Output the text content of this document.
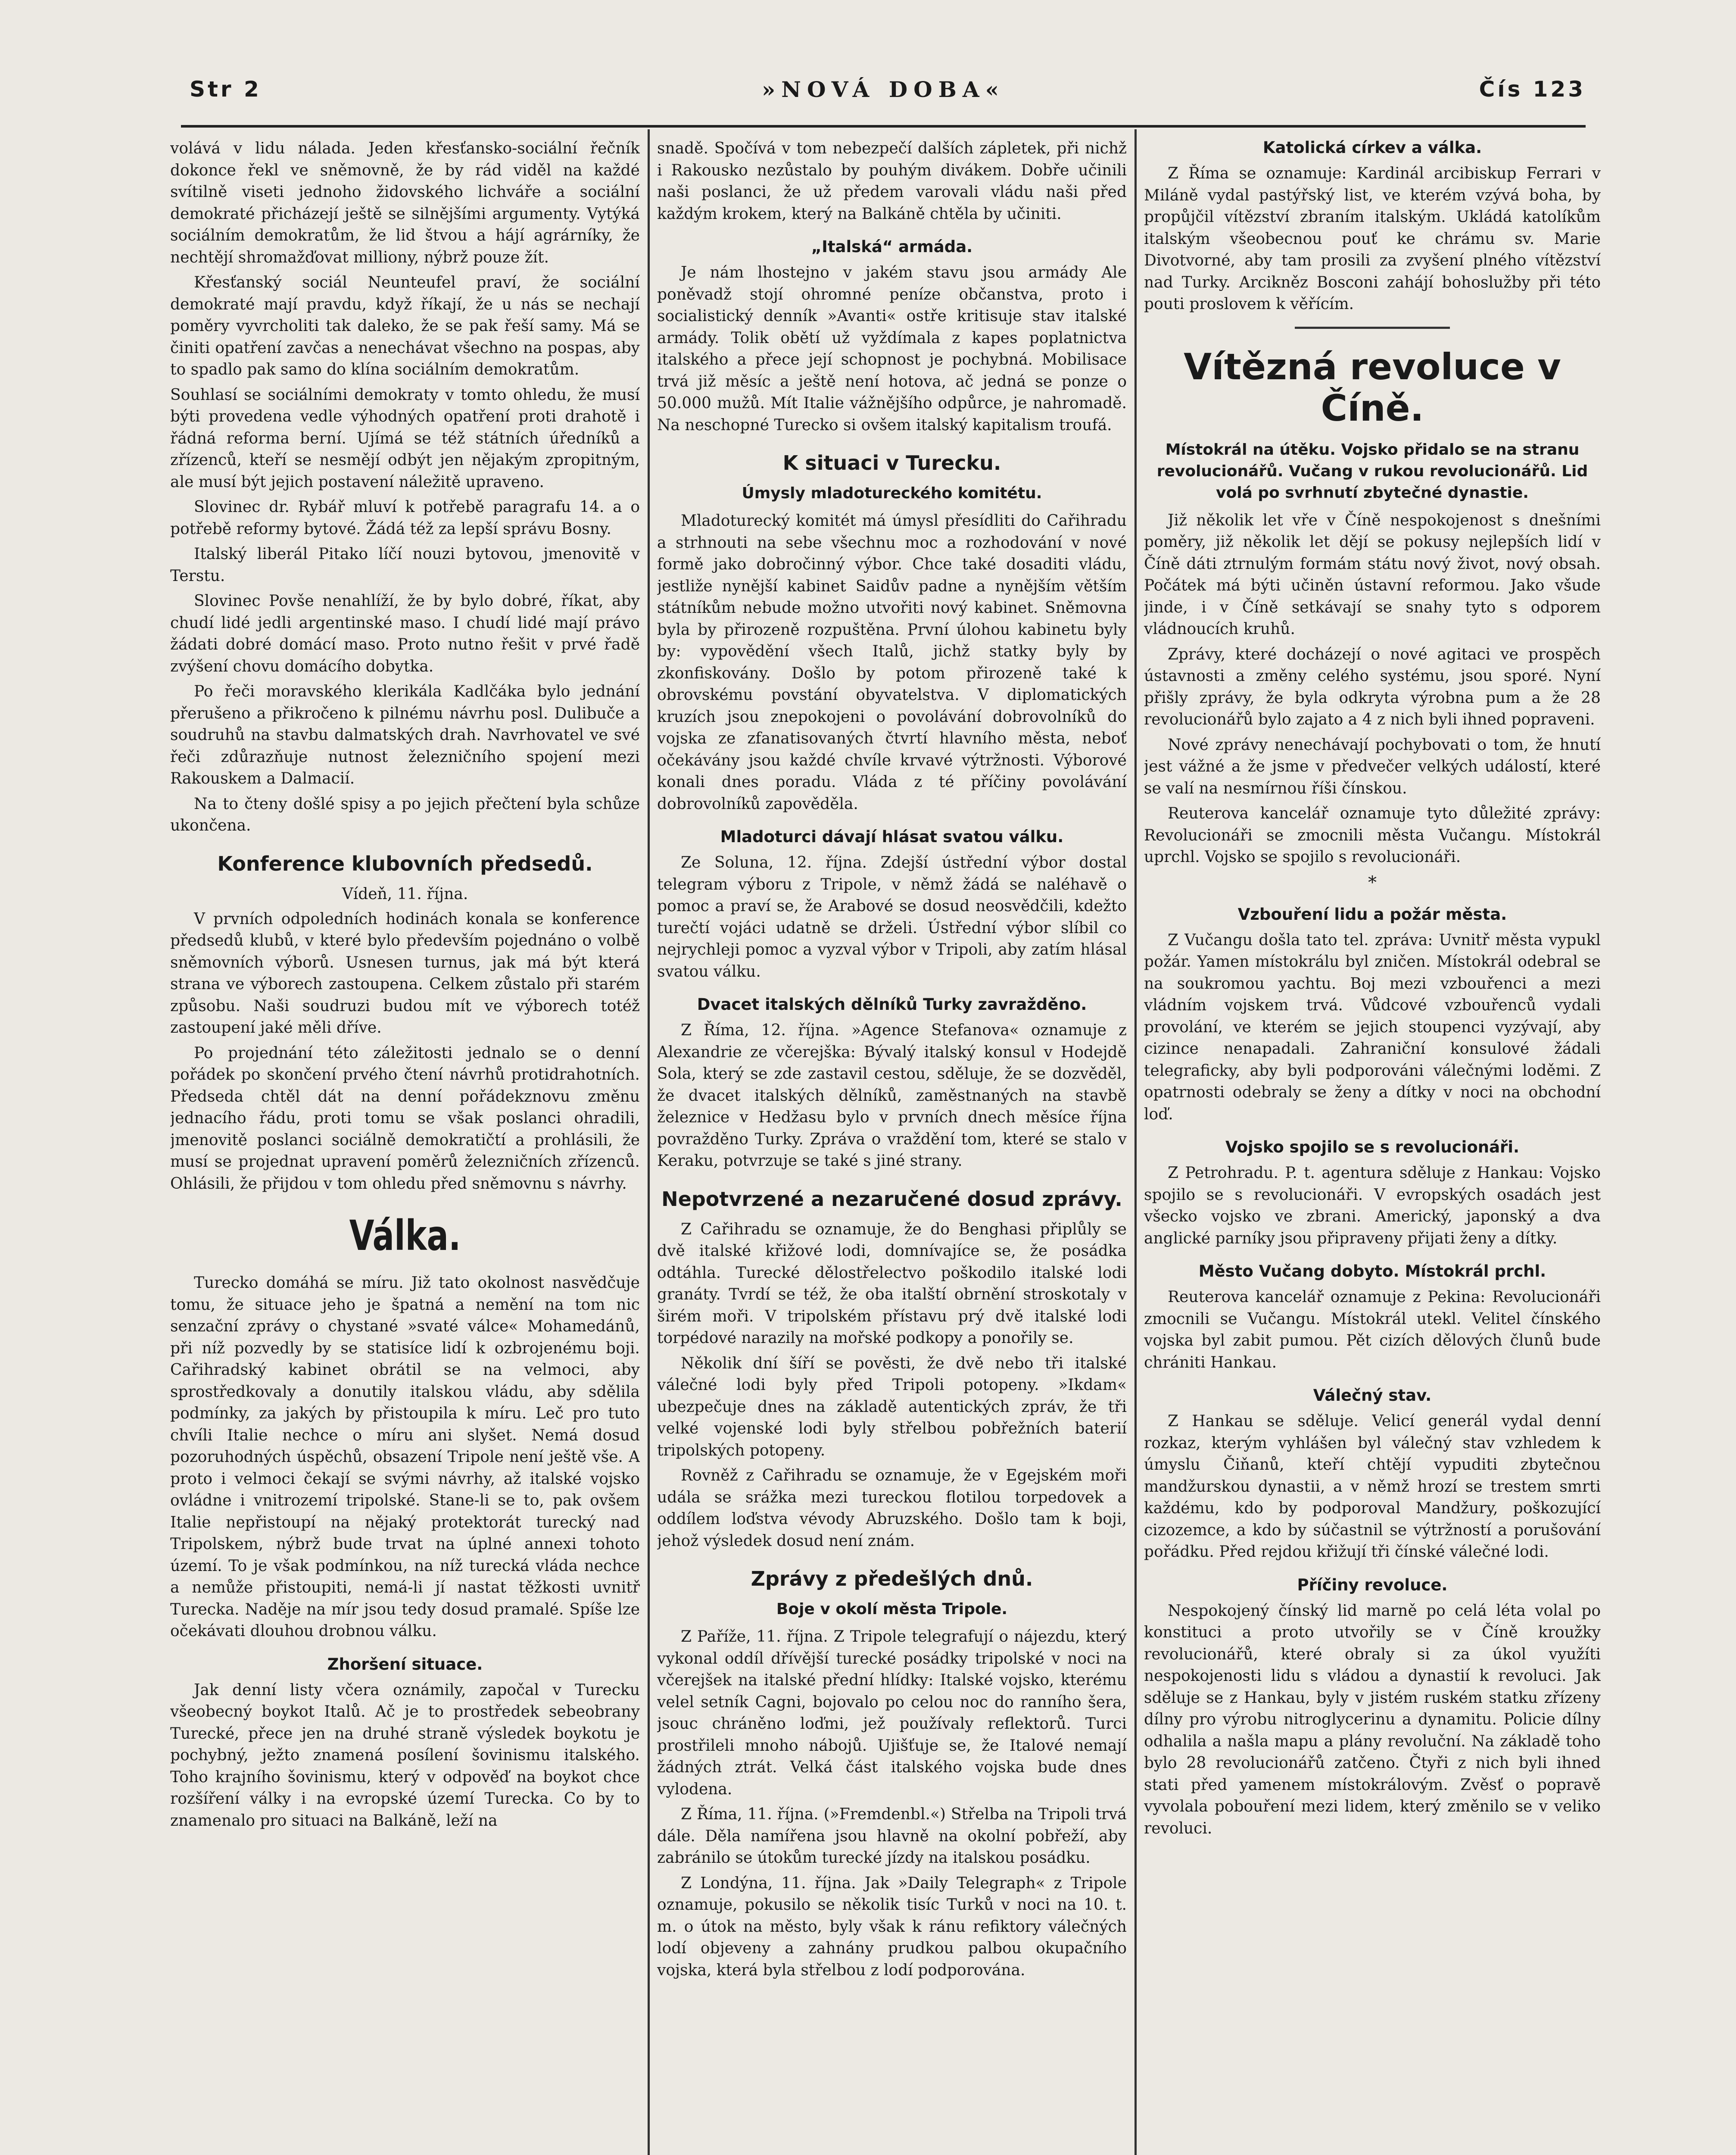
Str 2	»NOVÁ DOBA«	Čís 123

volává v lidu nálada. Jeden křesťansko-sociální řečník dokonce řekl ve sněmovně, že by rád viděl na každé svítilně viseti jednoho židovského lichváře a sociální demokraté přicházejí ještě se silnějšími argumenty. Vytýká sociálním demokratům, že lid štvou a hájí agrárníky, že nechtějí shromažďovat milliony, nýbrž pouze žít.

Křesťanský sociál Neunteufel praví, že sociální demokraté mají pravdu, když říkají, že u nás se nechají poměry vyvrcholiti tak daleko, že se pak řeší samy. Má se činiti opatření zavčas a nenechávat všechno na pospas, aby to spadlo pak samo do klína sociálním demokratům.

Souhlasí se sociálními demokraty v tomto ohledu, že musí býti provedena vedle výhodných opatření proti drahotě i řádná reforma berní. Ujímá se též státních úředníků a zřízenců, kteří se nesmějí odbýt jen nějakým zpropitným, ale musí být jejich postavení náležitě upraveno.

Slovinec dr. Rybář mluví k potřebě paragrafu 14. a o potřebě reformy bytové. Žádá též za lepší správu Bosny.

Italský liberál Pitako líčí nouzi bytovou, jmenovitě v Terstu.

Slovinec Povše nenahlíží, že by bylo dobré, říkat, aby chudí lidé jedli argentinské maso. I chudí lidé mají právo žádati dobré domácí maso. Proto nutno řešit v prvé řadě zvýšení chovu domácího dobytka.

Po řeči moravského klerikála Kadlčáka bylo jednání přerušeno a přikročeno k pilnému návrhu posl. Dulibuče a soudruhů na stavbu dalmatských drah. Navrhovatel ve své řeči zdůrazňuje nutnost železničního spojení mezi Rakouskem a Dalmacií.

Na to čteny došlé spisy a po jejich přečtení byla schůze ukončena.

Konference klubovních předsedů.
Vídeň, 11. října.

V prvních odpoledních hodinách konala se konference předsedů klubů, v které bylo především pojednáno o volbě sněmovních výborů. Usnesen turnus, jak má být která strana ve výborech zastoupena. Celkem zůstalo při starém způsobu. Naši soudruzi budou mít ve výborech totéž zastoupení jaké měli dříve.

Po projednání této záležitosti jednalo se o denní pořádek po skončení prvého čtení návrhů protidrahotních. Předseda chtěl dát na denní pořádekznovu změnu jednacího řádu, proti tomu se však poslanci ohradili, jmenovitě poslanci sociálně demokratičtí a prohlásili, že musí se projednat upravení poměrů železničních zřízenců. Ohlásili, že přijdou v tom ohledu před sněmovnu s návrhy.

Válka.

Turecko domáhá se míru. Již tato okolnost nasvědčuje tomu, že situace jeho je špatná a nemění na tom nic senzační zprávy o chystané »svaté válce« Mohamedánů, při níž pozvedly by se statisíce lidí k ozbrojenému boji. Cařihradský kabinet obrátil se na velmoci, aby sprostředkovaly a donutily italskou vládu, aby sdělila podmínky, za jakých by přistoupila k míru. Leč pro tuto chvíli Italie nechce o míru ani slyšet. Nemá dosud pozoruhodných úspěchů, obsazení Tripole není ještě vše. A proto i velmoci čekají se svými návrhy, až italské vojsko ovládne i vnitrozemí tripolské. Stane-li se to, pak ovšem Italie nepřistoupí na nějaký protektorát turecký nad Tripolskem, nýbrž bude trvat na úplné annexi tohoto území. To je však podmínkou, na níž turecká vláda nechce a nemůže přistoupiti, nemá-li jí nastat těžkosti uvnitř Turecka. Naděje na mír jsou tedy dosud pramalé. Spíše lze očekávati dlouhou drobnou válku.

Zhoršení situace.

Jak denní listy včera oznámily, započal v Turecku všeobecný boykot Italů. Ač je to prostředek sebeobrany Turecké, přece jen na druhé straně výsledek boykotu je pochybný, ježto znamená posílení šovinismu italského. Toho krajního šovinismu, který v odpověď na boykot chce rozšíření války i na evropské území Turecka. Co by to znamenalo pro situaci na Balkáně, leží na

snadě. Spočívá v tom nebezpečí dalších zápletek, při nichž i Rakousko nezůstalo by pouhým divákem. Dobře učinili naši poslanci, že už předem varovali vládu naši před každým krokem, který na Balkáně chtěla by učiniti.

„Italská“ armáda.

Je nám lhostejno v jakém stavu jsou armády Ale poněvadž stojí ohromné peníze občanstva, proto i socialistický denník »Avanti« ostře kritisuje stav italské armády. Tolik obětí už vyždímala z kapes poplatnictva italského a přece její schopnost je pochybná. Mobilisace trvá již měsíc a ještě není hotova, ač jedná se ponze o 50.000 mužů. Mít Italie vážnějšího odpůrce, je nahromadě. Na neschopné Turecko si ovšem italský kapitalism troufá.

K situaci v Turecku.
Úmysly mladotureckého komitétu.

Mladoturecký komitét má úmysl přesídliti do Cařihradu a strhnouti na sebe všechnu moc a rozhodování v nové formě jako dobročinný výbor. Chce také dosaditi vládu, jestliže nynější kabinet Saidův padne a nynějším větším státníkům nebude možno utvořiti nový kabinet. Sněmovna byla by přirozeně rozpuštěna. První úlohou kabinetu byly by: vypovědění všech Italů, jichž statky byly by zkonfiskovány. Došlo by potom přirozeně také k obrovskému povstání obyvatelstva. V diplomatických kruzích jsou znepokojeni o povolávání dobrovolníků do vojska ze zfanatisovaných čtvrtí hlavního města, neboť očekávány jsou každé chvíle krvavé výtržnosti. Výborové konali dnes poradu. Vláda z té příčiny povolávání dobrovolníků zapověděla.

Mladoturci dávají hlásat svatou válku.

Ze Soluna, 12. října. Zdejší ústřední výbor dostal telegram výboru z Tripole, v němž žádá se naléhavě o pomoc a praví se, že Arabové se dosud neosvědčili, kdežto turečtí vojáci udatně se drželi. Ústřední výbor slíbil co nejrychleji pomoc a vyzval výbor v Tripoli, aby zatím hlásal svatou válku.

Dvacet italských dělníků Turky zavražděno.

Z Říma, 12. října. »Agence Stefanova« oznamuje z Alexandrie ze včerejška: Bývalý italský konsul v Hodejdě Sola, který se zde zastavil cestou, sděluje, že se dozvěděl, že dvacet italských dělníků, zaměstnaných na stavbě železnice v Hedžasu bylo v prvních dnech měsíce října povražděno Turky. Zpráva o vraždění tom, které se stalo v Keraku, potvrzuje se také s jiné strany.

Nepotvrzené a nezaručené dosud zprávy.

Z Cařihradu se oznamuje, že do Benghasi připlůly se dvě italské křižové lodi, domnívajíce se, že posádka odtáhla. Turecké dělostřelectvo poškodilo italské lodi granáty. Tvrdí se též, že oba italští obrnění stroskotaly v širém moři. V tripolském přístavu prý dvě italské lodi torpédové narazily na mořské podkopy a ponořily se.

Několik dní šíří se pověsti, že dvě nebo tři italské válečné lodi byly před Tripoli potopeny. »Ikdam« ubezpečuje dnes na základě autentických zpráv, že tři velké vojenské lodi byly střelbou pobřežních baterií tripolských potopeny.

Rovněž z Cařihradu se oznamuje, že v Egejském moři udála se srážka mezi tureckou flotilou torpedovek a oddílem loďstva vévody Abruzského. Došlo tam k boji, jehož výsledek dosud není znám.

Zprávy z předešlých dnů.
Boje v okolí města Tripole.

Z Paříže, 11. října. Z Tripole telegrafují o nájezdu, který vykonal oddíl dřívější turecké posádky tripolské v noci na včerejšek na italské přední hlídky: Italské vojsko, kterému velel setník Cagni, bojovalo po celou noc do ranního šera, jsouc chráněno loďmi, jež používaly reflektorů. Turci prostřileli mnoho nábojů. Ujišťuje se, že Italové nemají žádných ztrát. Velká část italského vojska bude dnes vylodena.

Z Říma, 11. října. (»Fremdenbl.«) Střelba na Tripoli trvá dále. Děla namířena jsou hlavně na okolní pobřeží, aby zabránilo se útokům turecké jízdy na italskou posádku.

Z Londýna, 11. října. Jak »Daily Telegraph« z Tripole oznamuje, pokusilo se několik tisíc Turků v noci na 10. t. m. o útok na město, byly však k ránu refiktory válečných lodí objeveny a zahnány prudkou palbou okupačního vojska, která byla střelbou z lodí podporována.

Katolická církev a válka.

Z Říma se oznamuje: Kardinál arcibiskup Ferrari v Miláně vydal pastýřský list, ve kterém vzývá boha, by propůjčil vítězství zbraním italským. Ukládá katolíkům italským všeobecnou pouť ke chrámu sv. Marie Divotvorné, aby tam prosili za zvyšení plného vítězství nad Turky. Arcikněz Bosconi zahájí bohoslužby při této pouti proslovem k věřícím.

Vítězná revoluce v Číně.
Místokrál na útěku. Vojsko přidalo se na stranu revolucionářů. Vučang v rukou revolucionářů. Lid volá po svrhnutí zbytečné dynastie.

Již několik let vře v Číně nespokojenost s dnešními poměry, již několik let dějí se pokusy nejlepších lidí v Číně dáti ztrnulým formám státu nový život, nový obsah. Počátek má býti učiněn ústavní reformou. Jako všude jinde, i v Číně setkávají se snahy tyto s odporem vládnoucích kruhů.

Zprávy, které docházejí o nové agitaci ve prospěch ústavnosti a změny celého systému, jsou sporé. Nyní přišly zprávy, že byla odkryta výrobna pum a že 28 revolucionářů bylo zajato a 4 z nich byli ihned popraveni.

Nové zprávy nenechávají pochybovati o tom, že hnutí jest vážné a že jsme v předvečer velkých událostí, které se valí na nesmírnou říši čínskou.

Reuterova kancelář oznamuje tyto důležité zprávy: Revolucionáři se zmocnili města Vučangu. Místokrál uprchl. Vojsko se spojilo s revolucionáři.

*
Vzbouření lidu a požár města.

Z Vučangu došla tato tel. zpráva: Uvnitř města vypukl požár. Yamen místokrálu byl zničen. Místokrál odebral se na soukromou yachtu. Boj mezi vzbouřenci a mezi vládním vojskem trvá. Vůdcové vzbouřenců vydali provolání, ve kterém se jejich stoupenci vyzývají, aby cizince nenapadali. Zahraniční konsulové žádali telegraficky, aby byli podporováni válečnými loděmi. Z opatrnosti odebraly se ženy a dítky v noci na obchodní loď.

Vojsko spojilo se s revolucionáři.

Z Petrohradu. P. t. agentura sděluje z Hankau: Vojsko spojilo se s revolucionáři. V evropských osadách jest všecko vojsko ve zbrani. Americký, japonský a dva anglické parníky jsou připraveny přijati ženy a dítky.

Město Vučang dobyto. Místokrál prchl.

Reuterova kancelář oznamuje z Pekina: Revolucionáři zmocnili se Vučangu. Místokrál utekl. Velitel čínského vojska byl zabit pumou. Pět cizích dělových člunů bude chrániti Hankau.

Válečný stav.

Z Hankau se sděluje. Velicí generál vydal denní rozkaz, kterým vyhlášen byl válečný stav vzhledem k úmyslu Čiňanů, kteří chtějí vypuditi zbytečnou mandžurskou dynastii, a v němž hrozí se trestem smrti každému, kdo by podporoval Mandžury, poškozující cizozemce, a kdo by súčastnil se výtržností a porušování pořádku. Před rejdou křižují tři čínské válečné lodi.

Příčiny revoluce.

Nespokojený čínský lid marně po celá léta volal po konstituci a proto utvořily se v Číně kroužky revolucionářů, které obraly si za úkol využíti nespokojenosti lidu s vládou a dynastií k revoluci. Jak sděluje se z Hankau, byly v jistém ruském statku zřízeny dílny pro výrobu nitroglycerinu a dynamitu. Policie dílny odhalila a našla mapu a plány revoluční. Na základě toho bylo 28 revolucionářů zatčeno. Čtyři z nich byli ihned stati před yamenem místokrálovým. Zvěsť o popravě vyvolala pobouření mezi lidem, který změnilo se v veliko revoluci.
